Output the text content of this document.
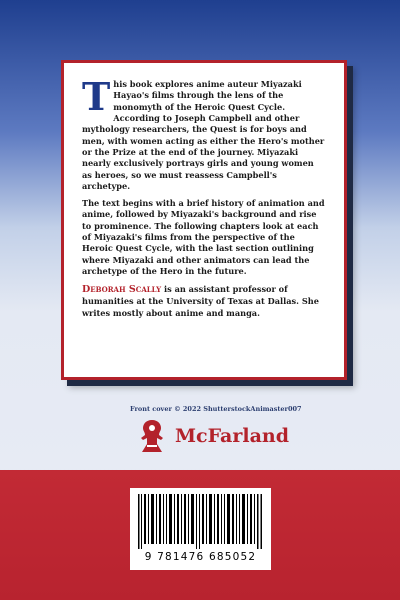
This book explores anime auteur Miyazaki Hayao's films through the lens of the monomyth of the Heroic Quest Cycle. According to Joseph Campbell and other mythology researchers, the Quest is for boys and men, with women acting as either the Hero's mother or the Prize at the end of the journey. Miyazaki nearly exclusively portrays girls and young women as heroes, so we must reassess Campbell's archetype.

The text begins with a brief history of animation and anime, followed by Miyazaki's background and rise to prominence. The following chapters look at each of Miyazaki's films from the perspective of the Heroic Quest Cycle, with the last section outlining where Miyazaki and other animators can lead the archetype of the Hero in the future.

Deborah Scally is an assistant professor of humanities at the University of Texas at Dallas. She writes mostly about anime and manga.

Front cover © 2022 ShutterstockAnimaster007
McFarland
9 781476 685052
